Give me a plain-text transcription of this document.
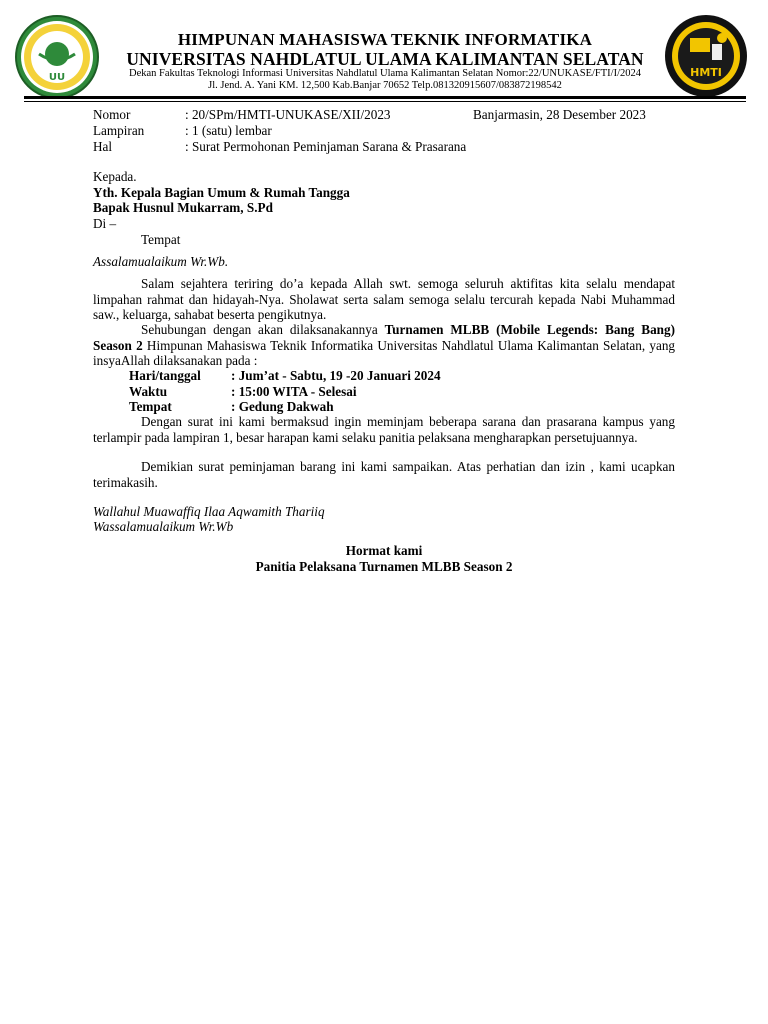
UU	HMTI
HIMPUNAN MAHASISWA TEKNIK INFORMATIKA
UNIVERSITAS NAHDLATUL ULAMA KALIMANTAN SELATAN
Dekan Fakultas Teknologi Informasi Universitas Nahdlatul Ulama Kalimantan Selatan Nomor:22/UNUKASE/FTI/I/2024
Jl. Jend. A. Yani KM. 12,500 Kab.Banjar 70652 Telp.081320915607/083872198542
Nomor	: 20/SPm/HMTI-UNUKASE/XII/2023	Banjarmasin, 28 Desember 2023
Lampiran	: 1 (satu) lembar
Hal	: Surat Permohonan Peminjaman Sarana & Prasarana
Kepada.
Yth. Kepala Bagian Umum & Rumah Tangga
Bapak Husnul Mukarram, S.Pd
Di –
Tempat
Assalamualaikum Wr.Wb.
Salam sejahtera teriring do’a kepada Allah swt. semoga seluruh aktifitas kita selalu mendapat limpahan rahmat dan hidayah-Nya. Sholawat serta salam semoga selalu tercurah kepada Nabi Muhammad saw., keluarga, sahabat beserta pengikutnya.
Sehubungan dengan akan dilaksanakannya Turnamen MLBB (Mobile Legends: Bang Bang) Season 2 Himpunan Mahasiswa Teknik Informatika Universitas Nahdlatul Ulama Kalimantan Selatan, yang insyaAllah dilaksanakan pada :
Hari/tanggal	: Jum’at - Sabtu, 19 -20 Januari 2024
Waktu	: 15:00 WITA - Selesai
Tempat	: Gedung Dakwah
Dengan surat ini kami bermaksud ingin meminjam beberapa sarana dan prasarana kampus yang terlampir pada lampiran 1, besar harapan kami selaku panitia pelaksana mengharapkan persetujuannya.
Demikian surat peminjaman barang ini kami sampaikan. Atas perhatian dan izin , kami ucapkan terimakasih.
Wallahul Muawaffiq Ilaa Aqwamith Thariiq
Wassalamualaikum Wr.Wb
Hormat kami
Panitia Pelaksana Turnamen MLBB Season 2
